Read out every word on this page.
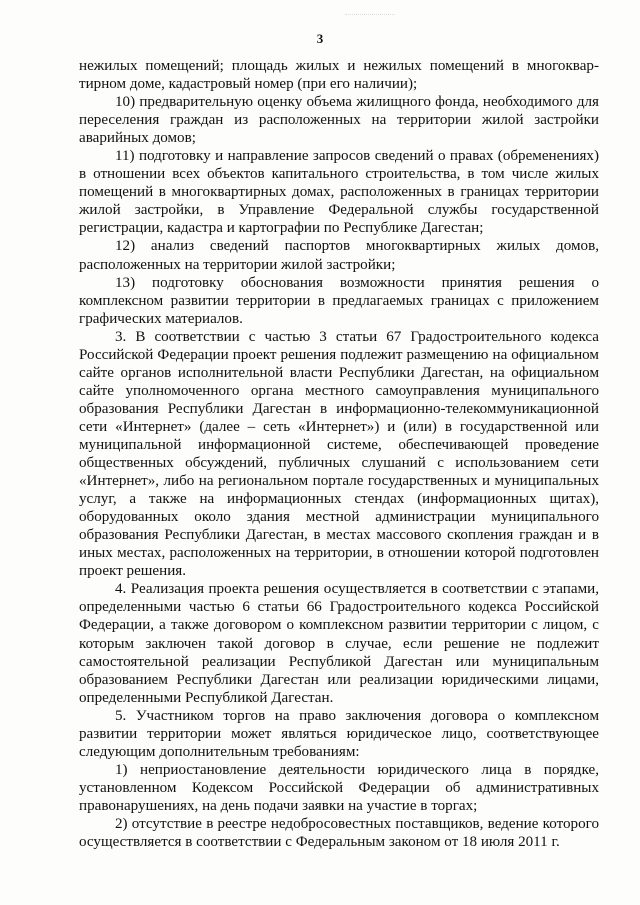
3

нежилых помещений; площадь жилых и нежилых помещений в многоквар-тирном доме, кадастровый номер (при его наличии);

10) предварительную оценку объема жилищного фонда, необходимого для переселения граждан из расположенных на территории жилой застройки аварийных домов;

11) подготовку и направление запросов сведений о правах (обременениях) в отношении всех объектов капитального строительства, в том числе жилых помещений в многоквартирных домах, расположенных в границах территории жилой застройки, в Управление Федеральной службы государственной регистрации, кадастра и картографии по Республике Дагестан;

12) анализ сведений паспортов многоквартирных жилых домов, расположенных на территории жилой застройки;

13) подготовку обоснования возможности принятия решения о комплексном развитии территории в предлагаемых границах с приложением графических материалов.

3. В соответствии с частью 3 статьи 67 Градостроительного кодекса Российской Федерации проект решения подлежит размещению на официальном сайте органов исполнительной власти Республики Дагестан, на официальном сайте уполномоченного органа местного самоуправления муниципального образования Республики Дагестан в информационно-телекоммуникационной сети «Интернет» (далее – сеть «Интернет») и (или) в государственной или муниципальной информационной системе, обеспечивающей проведение общественных обсуждений, публичных слушаний с использованием сети «Интернет», либо на региональном портале государственных и муниципальных услуг, а также на информационных стендах (информационных щитах), оборудованных около здания местной администрации муниципального образования Республики Дагестан, в местах массового скопления граждан и в иных местах, расположенных на территории, в отношении которой подготовлен проект решения.

4. Реализация проекта решения осуществляется в соответствии с этапами, определенными частью 6 статьи 66 Градостроительного кодекса Российской Федерации, а также договором о комплексном развитии территории с лицом, с которым заключен такой договор в случае, если решение не подлежит самостоятельной реализации Республикой Дагестан или муниципальным образованием Республики Дагестан или реализации юридическими лицами, определенными Республикой Дагестан.

5. Участником торгов на право заключения договора о комплексном развитии территории может являться юридическое лицо, соответствующее следующим дополнительным требованиям:

1) неприостановление деятельности юридического лица в порядке, установленном Кодексом Российской Федерации об административных правонарушениях, на день подачи заявки на участие в торгах;

2) отсутствие в реестре недобросовестных поставщиков, ведение которого осуществляется в соответствии с Федеральным законом от 18 июля 2011 г.
